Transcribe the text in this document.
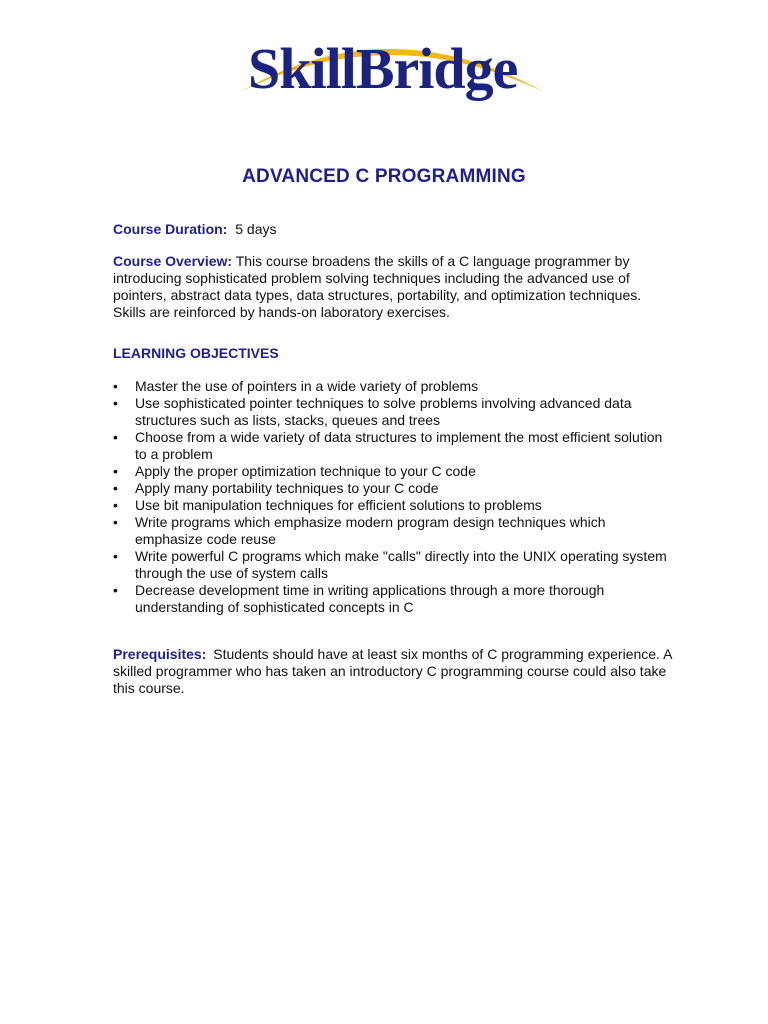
SkillBridge
ADVANCED C PROGRAMMING
Course Duration: 5 days
Course Overview: This course broadens the skills of a C language programmer by introducing sophisticated problem solving techniques including the advanced use of pointers, abstract data types, data structures, portability, and optimization techniques. Skills are reinforced by hands-on laboratory exercises.
LEARNING OBJECTIVES
• Master the use of pointers in a wide variety of problems
• Use sophisticated pointer techniques to solve problems involving advanced data structures such as lists, stacks, queues and trees
• Choose from a wide variety of data structures to implement the most efficient solution to a problem
• Apply the proper optimization technique to your C code
• Apply many portability techniques to your C code
• Use bit manipulation techniques for efficient solutions to problems
• Write programs which emphasize modern program design techniques which emphasize code reuse
• Write powerful C programs which make "calls" directly into the UNIX operating system through the use of system calls
• Decrease development time in writing applications through a more thorough understanding of sophisticated concepts in C
Prerequisites: Students should have at least six months of C programming experience. A skilled programmer who has taken an introductory C programming course could also take this course.
